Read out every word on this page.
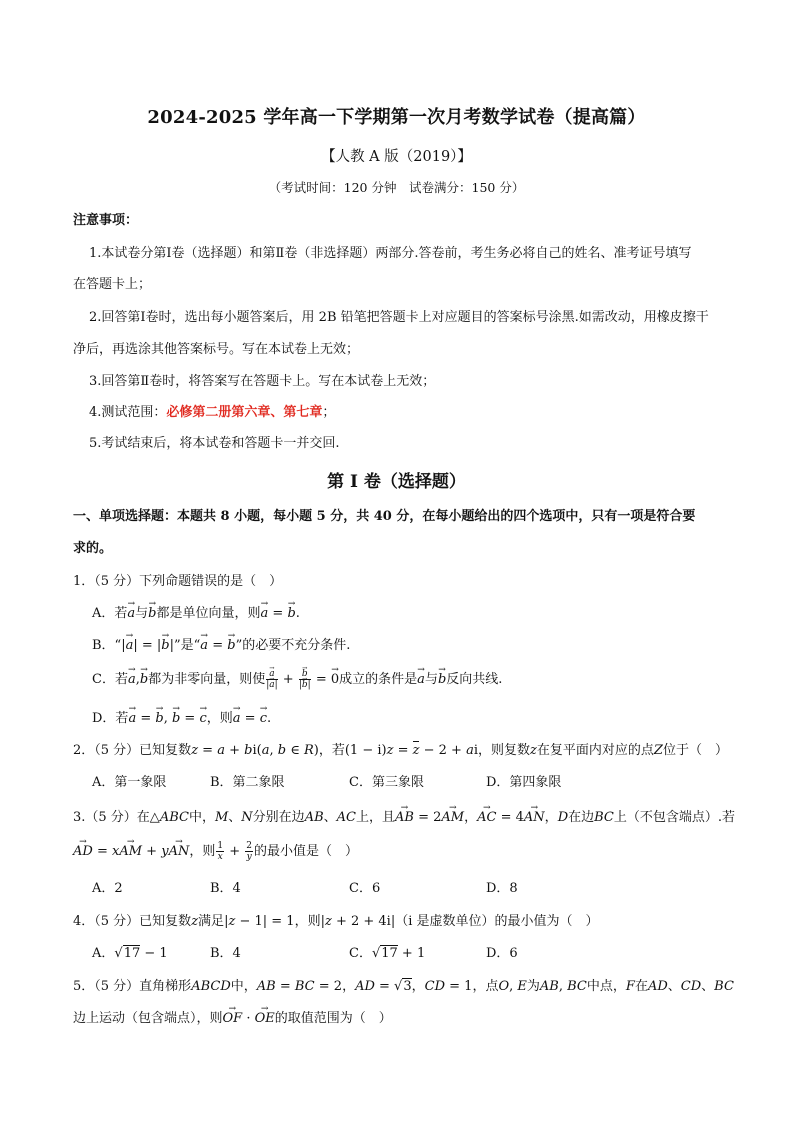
2024-2025 学年高一下学期第一次月考数学试卷（提高篇）
【人教 A 版（2019）】
（考试时间：120 分钟　试卷满分：150 分）
注意事项：
1.本试卷分第Ⅰ卷（选择题）和第Ⅱ卷（非选择题）两部分.答卷前，考生务必将自己的姓名、准考证号填写
在答题卡上；
2.回答第Ⅰ卷时，选出每小题答案后，用 2B 铅笔把答题卡上对应题目的答案标号涂黑.如需改动，用橡皮擦干
净后，再选涂其他答案标号。写在本试卷上无效；
3.回答第Ⅱ卷时，将答案写在答题卡上。写在本试卷上无效；
4.测试范围：必修第二册第六章、第七章；
5.考试结束后，将本试卷和答题卡一并交回.
第 I 卷（选择题）
一、单项选择题：本题共 8 小题，每小题 5 分，共 40 分，在每小题给出的四个选项中，只有一项是符合要
求的。
1．（5 分）下列命题错误的是（　）
A．若→ a与→ b都是单位向量，则→ a = → b.
B．“|→ a| = |→ b|”是“→ a = → b”的必要不充分条件.
C．若→ a,→ b都为非零向量，则使 → $\frac{a}{|\to a|}$ + → $\frac{b}{|\to b|}$ = → 0成立的条件是→ a与→ b反向共线.
D．若→ a = → b, → b = → c，则→ a = → c.
2．（5 分）已知复数z = a + bi(a, b ∈ R)，若(1 − i)z = z − 2 + ai，则复数z在复平面内对应的点Z位于（　）
A．第一象限	B．第二象限	C．第三象限	D．第四象限
3.（5 分）在△ABC中，M、N分别在边AB、AC上，且→ AB = 2→ AM，→ AC = 4→ AN，D在边BC上（不包含端点）.若
→ AD = x→ AM + y→ AN，则 $\frac{1}{x} + \frac{2}{y}$ 的最小值是（　）
A．2	B．4	C．6	D．8
4．（5 分）已知复数z满足|z − 1| = 1，则|z + 2 + 4i|（i 是虚数单位）的最小值为（　）
A．√17 − 1	B．4	C．√17 + 1	D．6
5．（5 分）直角梯形ABCD中，AB = BC = 2，AD = √3，CD = 1，点O, E为AB, BC中点，F在AD、CD、BC
边上运动（包含端点），则→ OF · → OE的取值范围为（　）
